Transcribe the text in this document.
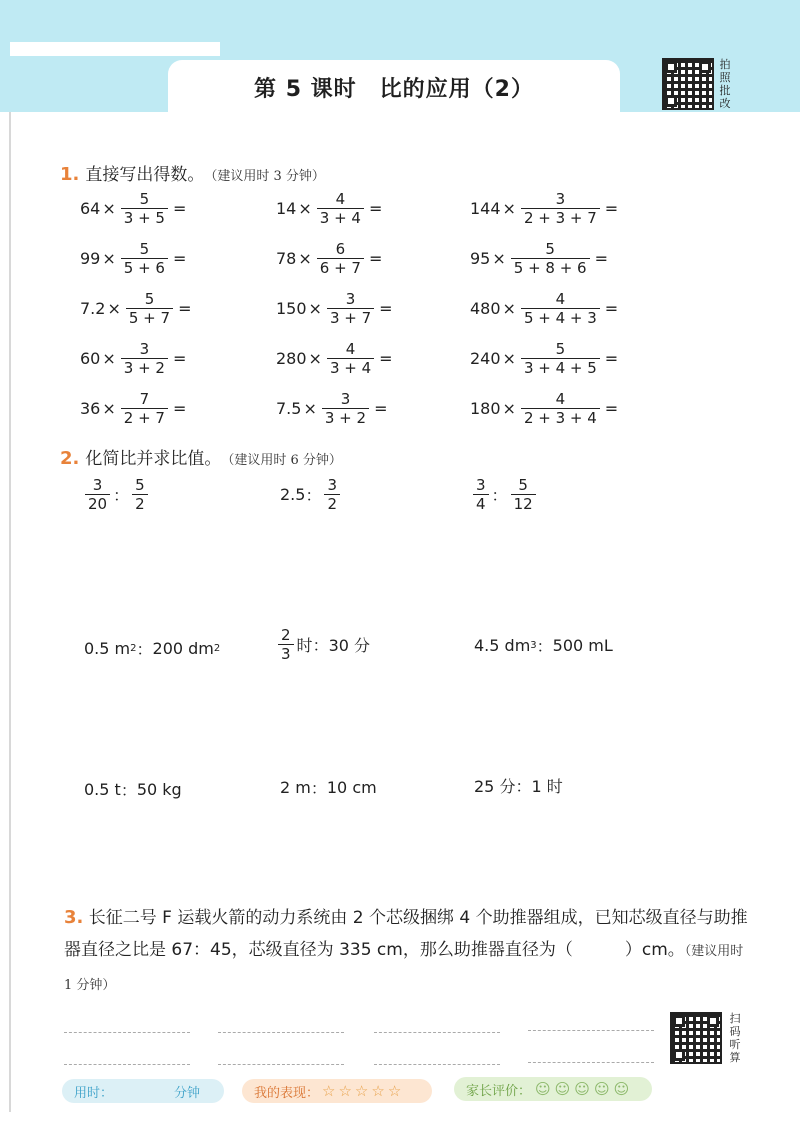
第 5 课时　比的应用（2）
拍
照
批
改
1. 直接写出得数。 （建议用时 3 分钟）
$64 \times \frac{5}{3 + 5}$ =	$14 \times \frac{4}{3 + 4}$ =	$144 \times \frac{3}{2 + 3 + 7}$ =
$99 \times \frac{5}{5 + 6}$ =	$78 \times \frac{6}{6 + 7}$ =	$95 \times \frac{5}{5 + 8 + 6}$ =
$7.2 \times \frac{5}{5 + 7}$ =	$150 \times \frac{3}{3 + 7}$ =	$480 \times \frac{4}{5 + 4 + 3}$ =
$60 \times \frac{3}{3 + 2}$ =	$280 \times \frac{4}{3 + 4}$ =	$240 \times \frac{5}{3 + 4 + 5}$ =
$36 \times \frac{7}{2 + 7}$ =	$7.5 \times \frac{3}{3 + 2}$ =	$180 \times \frac{4}{2 + 3 + 4}$ =
2. 化简比并求比值。 （建议用时 6 分钟）
$\frac{3}{20}$ ： $\frac{5}{2}$	2.5 ： $\frac{3}{2}$	$\frac{3}{4}$ ： $\frac{5}{12}$
0.5 m 2 ： 200 dm 2	$\frac{2}{3}$ 时 ： 30 分	4.5 dm 3 ： 500 mL
0.5 t ： 50 kg	2 m ： 10 cm	25 分 ： 1 时
3. 长征二号 F 运载火箭的动力系统由 2 个芯级捆绑 4 个助推器组成，已知芯级直径与助推器直径之比是 67：45，芯级直径为 335 cm，那么助推器直径为（	）cm。（建议用时 1 分钟）
扫
码
听
算
用时：	分钟	我的表现： ☆ ☆ ☆ ☆ ☆	家长评价： ☺ ☺ ☺ ☺ ☺
